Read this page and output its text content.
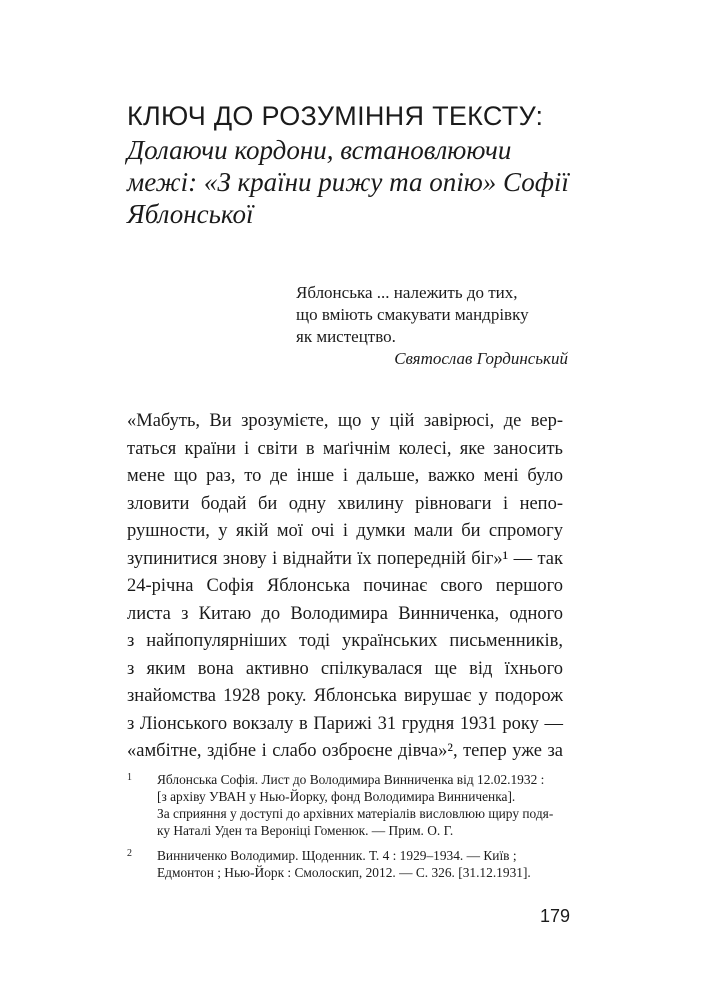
КЛЮЧ ДО РОЗУМІННЯ ТЕКСТУ:
Долаючи кордони, встановлюючи
межі: «З країни рижу та опію» Софії
Яблонської
Яблонська ... належить до тих,
що вміють смакувати мандрівку
як мистецтво.
Святослав Гординський
«Мабуть, Ви зрозумієте, що у цій завірюсі, де вер-
таться країни і світи в маґічнім колесі, яке заносить
мене що раз, то де інше і дальше, важко мені було
зловити бодай би одну хвилину рівноваги і непо-
рушности, у якій мої очі і думки мали би спромогу
зупинитися знову і віднайти їх попередній біг»¹ — так
24-річна Софія Яблонська починає свого першого
листа з Китаю до Володимира Винниченка, одного
з найпопулярніших тоді українських письменників,
з яким вона активно спілкувалася ще від їхнього
знайомства 1928 року. Яблонська вирушає у подорож
з Ліонського вокзалу в Парижі 31 грудня 1931 року —
«амбітне, здібне і слабо озброєне дівча»², тепер уже за
1	Яблонська Софія. Лист до Володимира Винниченка від 12.02.1932 :
[з архіву УВАН у Нью-Йорку, фонд Володимира Винниченка].
За сприяння у доступі до архівних матеріалів висловлюю щиру подя-
ку Наталі Уден та Вероніці Гоменюк. — Прим. О. Г.
2	Винниченко Володимир. Щоденник. Т. 4 : 1929–1934. — Київ ;
Едмонтон ; Нью-Йорк : Смолоскип, 2012. — С. 326. [31.12.1931].
179
